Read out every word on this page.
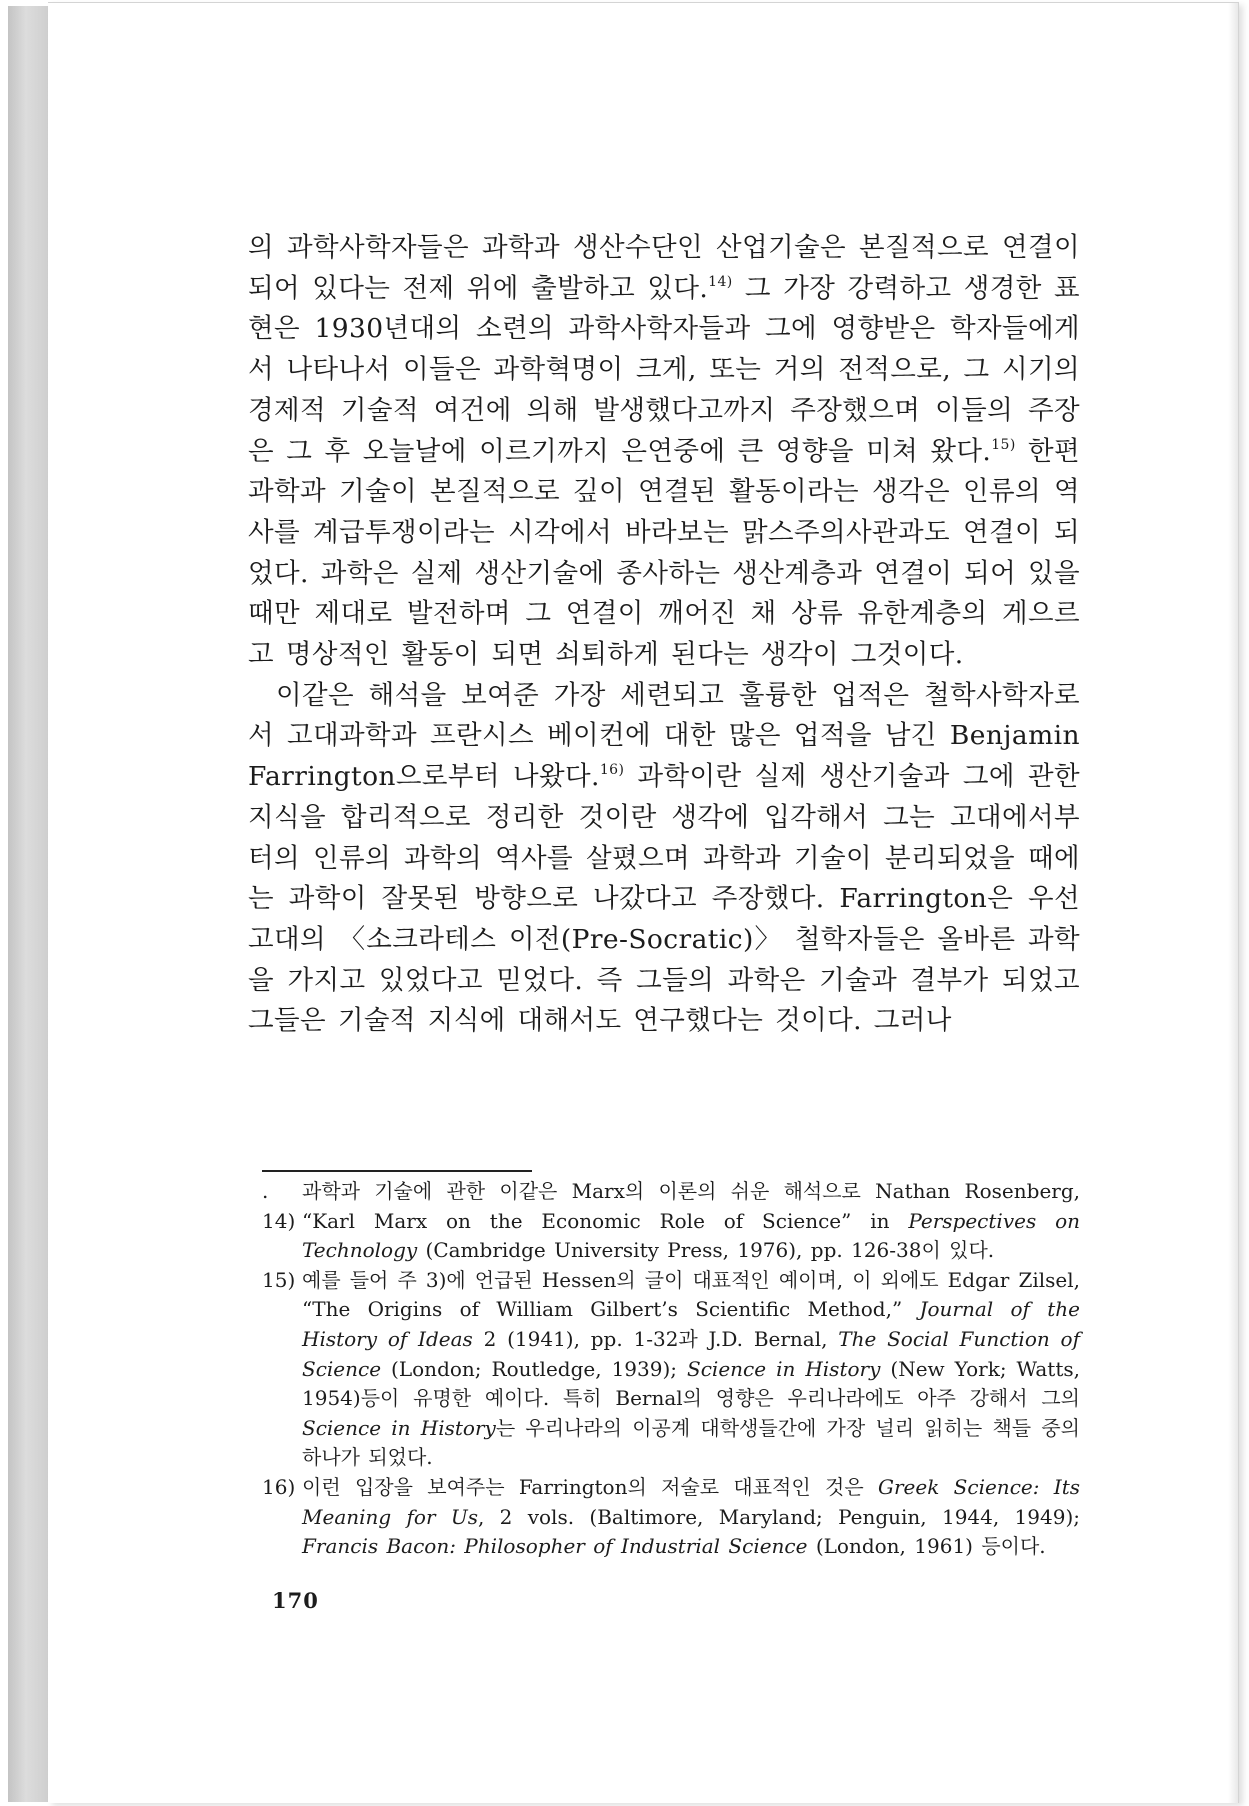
의 과학사학자들은 과학과 생산수단인 산업기술은 본질적으로 연결이 되어 있다는 전제 위에 출발하고 있다.$^{14)}$ 그 가장 강력하고 생경한 표현은 1930년대의 소련의 과학사학자들과 그에 영향받은 학자들에게서 나타나서 이들은 과학혁명이 크게, 또는 거의 전적으로, 그 시기의 경제적 기술적 여건에 의해 발생했다고까지 주장했으며 이들의 주장은 그 후 오늘날에 이르기까지 은연중에 큰 영향을 미쳐 왔다.$^{15)}$ 한편 과학과 기술이 본질적으로 깊이 연결된 활동이라는 생각은 인류의 역사를 계급투쟁이라는 시각에서 바라보는 맑스주의사관과도 연결이 되었다. 과학은 실제 생산기술에 종사하는 생산계층과 연결이 되어 있을 때만 제대로 발전하며 그 연결이 깨어진 채 상류 유한계층의 게으르고 명상적인 활동이 되면 쇠퇴하게 된다는 생각이 그것이다.

이같은 해석을 보여준 가장 세련되고 훌륭한 업적은 철학사학자로서 고대과학과 프란시스 베이컨에 대한 많은 업적을 남긴 Benjamin Farrington으로부터 나왔다.$^{16)}$ 과학이란 실제 생산기술과 그에 관한 지식을 합리적으로 정리한 것이란 생각에 입각해서 그는 고대에서부터의 인류의 과학의 역사를 살폈으며 과학과 기술이 분리되었을 때에는 과학이 잘못된 방향으로 나갔다고 주장했다. Farrington은 우선 고대의 〈소크라테스 이전(Pre-Socratic)〉 철학자들은 올바른 과학을 가지고 있었다고 믿었다. 즉 그들의 과학은 기술과 결부가 되었고 그들은 기술적 지식에 대해서도 연구했다는 것이다. 그러나

. 14)
과학과 기술에 관한 이같은 Marx의 이론의 쉬운 해석으로 Nathan Rosenberg, “Karl Marx on the Economic Role of Science” in Perspectives on Technology (Cambridge University Press, 1976), pp. 126-38이 있다.
15) 예를 들어 주 3)에 언급된 Hessen의 글이 대표적인 예이며, 이 외에도 Edgar Zilsel, “The Origins of William Gilbert’s Scientific Method,” Journal of the History of Ideas 2 (1941), pp. 1-32과 J.D. Bernal, The Social Function of Science (London; Routledge, 1939); Science in History (New York; Watts, 1954)등이 유명한 예이다. 특히 Bernal의 영향은 우리나라에도 아주 강해서 그의 Science in History는 우리나라의 이공계 대학생들간에 가장 널리 읽히는 책들 중의 하나가 되었다.
16) 이런 입장을 보여주는 Farrington의 저술로 대표적인 것은 Greek Science: Its Meaning for Us, 2 vols. (Baltimore, Maryland; Penguin, 1944, 1949); Francis Bacon: Philosopher of Industrial Science (London, 1961) 등이다.
170
